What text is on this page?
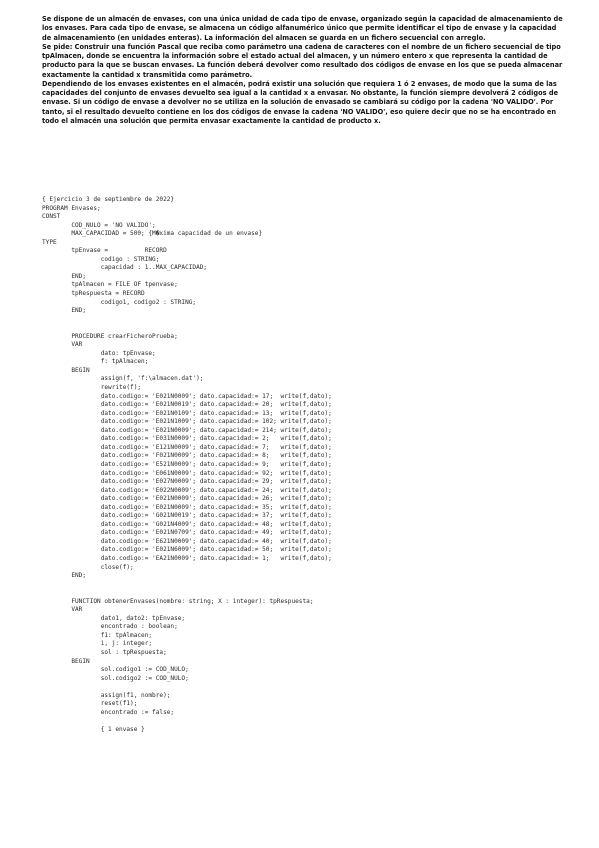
Se dispone de un almacén de envases, con una única unidad de cada tipo de envase, organizado según la capacidad de almacenamiento de los envases. Para cada tipo de envase, se almacena un código alfanumérico único que permite identificar el tipo de envase y la capacidad de almacenamiento (en unidades enteras). La información del almacen se guarda en un fichero secuencial con arreglo.

Se pide: Construir una función Pascal que reciba como parámetro una cadena de caracteres con el nombre de un fichero secuencial de tipo tpAlmacen, donde se encuentra la información sobre el estado actual del almacen, y un número entero x que representa la cantidad de producto para la que se buscan envases. La función deberá devolver como resultado dos códigos de envase en los que se pueda almacenar exactamente la cantidad x transmitida como parámetro.

Dependiendo de los envases existentes en el almacén, podrá existir una solución que requiera 1 ó 2 envases, de modo que la suma de las capacidades del conjunto de envases devuelto sea igual a la cantidad x a envasar. No obstante, la función siempre devolverá 2 códigos de envase. Si un código de envase a devolver no se utiliza en la solución de envasado se cambiará su código por la cadena 'NO VALIDO'. Por tanto, si el resultado devuelto contiene en los dos códigos de envase la cadena 'NO VALIDO', eso quiere decir que no se ha encontrado en todo el almacén una solución que permita envasar exactamente la cantidad de producto x.

{ Ejercicio 3 de septiembre de 2022}
PROGRAM Envases;
CONST
COD_NULO = 'NO VALIDO';
MAX_CAPACIDAD = 500; {M�xima capacidad de un envase}
TYPE
tpEnvase =          RECORD
codigo : STRING;
capacidad : 1..MAX_CAPACIDAD;
END;
tpAlmacen = FILE OF tpenvase;
tpRespuesta = RECORD
codigo1, codigo2 : STRING;
END;
PROCEDURE crearFicheroPrueba;
VAR
dato: tpEnvase;
f: tpAlmacen;
BEGIN
assign(f, 'f:\almacen.dat');
rewrite(f);
dato.codigo:= 'E021N0009'; dato.capacidad:= 17;  write(f,dato);
dato.codigo:= 'E021N0019'; dato.capacidad:= 20;  write(f,dato);
dato.codigo:= 'E021N0109'; dato.capacidad:= 13;  write(f,dato);
dato.codigo:= 'E021N1009'; dato.capacidad:= 102; write(f,dato);
dato.codigo:= 'E021N0009'; dato.capacidad:= 214; write(f,dato);
dato.codigo:= 'E031N0009'; dato.capacidad:= 2;   write(f,dato);
dato.codigo:= 'E121N0009'; dato.capacidad:= 7;   write(f,dato);
dato.codigo:= 'F021N0009'; dato.capacidad:= 8;   write(f,dato);
dato.codigo:= 'E521N0009'; dato.capacidad:= 9;   write(f,dato);
dato.codigo:= 'E061N0009'; dato.capacidad:= 92;  write(f,dato);
dato.codigo:= 'E027N0009'; dato.capacidad:= 29;  write(f,dato);
dato.codigo:= 'E022N0009'; dato.capacidad:= 24;  write(f,dato);
dato.codigo:= 'E021N0009'; dato.capacidad:= 26;  write(f,dato);
dato.codigo:= 'E021N0009'; dato.capacidad:= 35;  write(f,dato);
dato.codigo:= 'G021N0019'; dato.capacidad:= 37;  write(f,dato);
dato.codigo:= 'G021N4009'; dato.capacidad:= 48;  write(f,dato);
dato.codigo:= 'E021N0709'; dato.capacidad:= 49;  write(f,dato);
dato.codigo:= 'E621N0009'; dato.capacidad:= 40;  write(f,dato);
dato.codigo:= 'E021N6009'; dato.capacidad:= 50;  write(f,dato);
dato.codigo:= 'EA21N0009'; dato.capacidad:= 1;   write(f,dato);
close(f);
END;
FUNCTION obtenerEnvases(nombre: string; X : integer): tpRespuesta;
VAR
dato1, dato2: tpEnvase;
encontrado : boolean;
f1: tpAlmacen;
i, j: integer;
sol : tpRespuesta;
BEGIN
sol.codigo1 := COD_NULO;
sol.codigo2 := COD_NULO;
assign(f1, nombre);
reset(f1);
encontrado := false;
{ 1 envase }
